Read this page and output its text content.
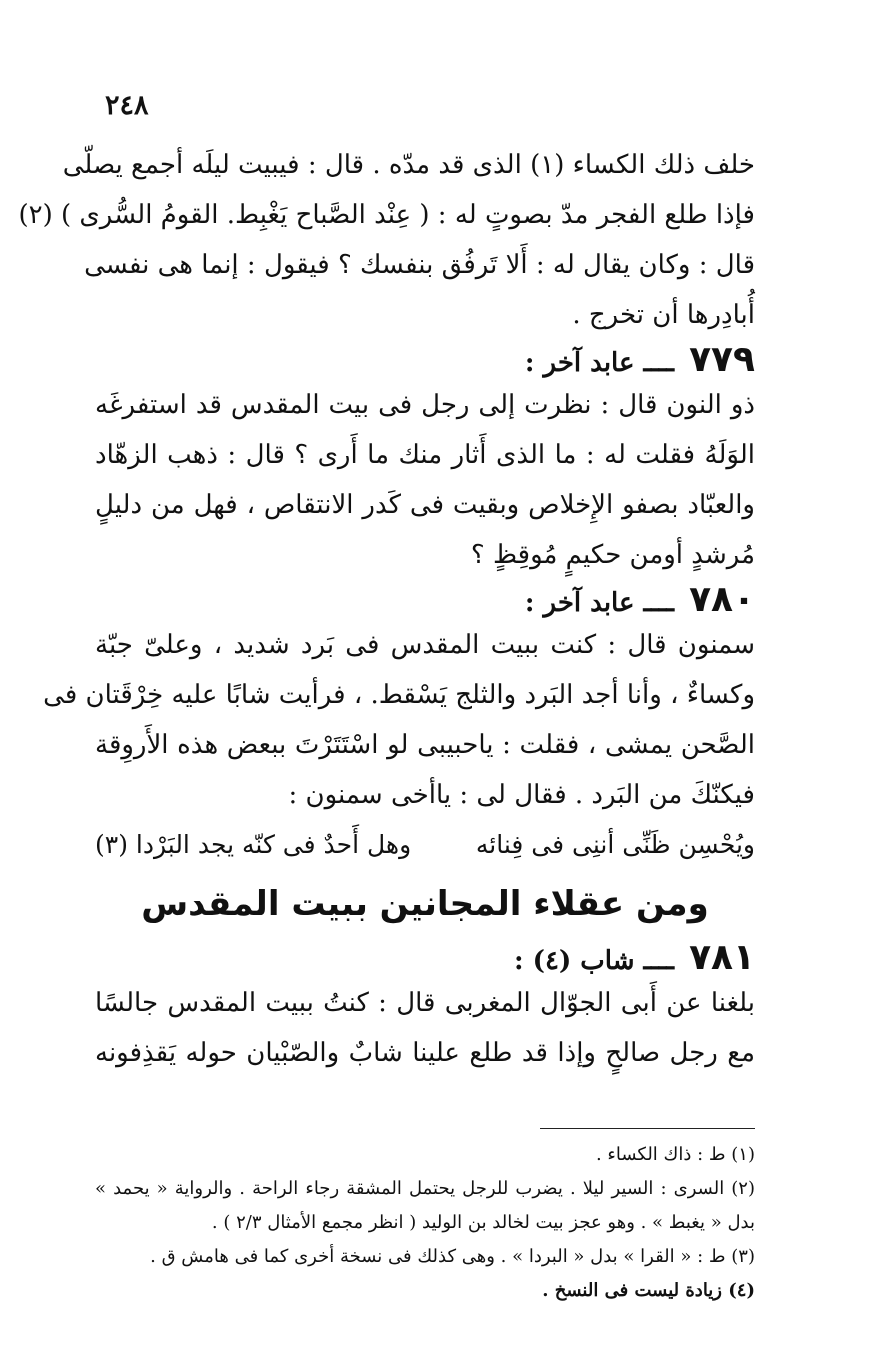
٢٤٨
خلف ذلك الكساء (١) الذى قد مدّه . قال : فيبيت ليلَه أجمع يصلّى
فإذا طلع الفجر مدّ بصوتٍ له : ( عِنْد الصَّباح يَغْبِط. القومُ السُّرى ) (٢)
قال : وكان يقال له : أَلا تَرفُق بنفسك ؟ فيقول : إنما هى نفسى
أُبادِرها أن تخرج .
٧٧٩ ــــ عابد آخر :
ذو النون قال : نظرت إلى رجل فى بيت المقدس قد استفرغَه
الوَلَهُ فقلت له : ما الذى أَثار منك ما أَرى ؟ قال : ذهب الزهّاد
والعبّاد بصفو الإِخلاص وبقيت فى كَدر الانتقاص ، فهل من دليلٍ
مُرشدٍ أومن حكيمٍ مُوقِظٍ ؟
٧٨٠ ــــ عابد آخر :
سمنون قال : كنت ببيت المقدس فى بَرد شديد ، وعلىّ جبّة
وكساءٌ ، وأنا أجد البَرد والثلج يَسْقط. ، فرأيت شابًا عليه خِرْقَتان فى
الصَّحن يمشى ، فقلت : ياحبيبى لو اسْتَتَرْتَ ببعض هذه الأَروِقة
فيكنّكَ من البَرد . فقال لى : ياأخى سمنون :
ويُحْسِن ظَنِّى أننِى فى فِنائه
وهل أَحدٌ فى كنّه يجد البَرْدا (٣)
ومن عقلاء المجانين ببيت المقدس
٧٨١ ــــ شاب (٤) :
بلغنا عن أَبى الجوّال المغربى قال : كنتُ ببيت المقدس جالسًا
مع رجل صالحٍ وإذا قد طلع علينا شابٌ والصّبْيان حوله يَقذِفونه
(١) ط : ذاك الكساء .
(٢) السرى : السير ليلا . يضرب للرجل يحتمل المشقة رجاء الراحة . والرواية « يحمد »
بدل « يغبط » . وهو عجز بيت لخالد بن الوليد ( انظر مجمع الأمثال ٢/٣ ) .
(٣) ط : « القرا » بدل « البردا » . وهى كذلك فى نسخة أخرى كما فى هامش ق .
(٤) زيادة ليست فى النسخ .
